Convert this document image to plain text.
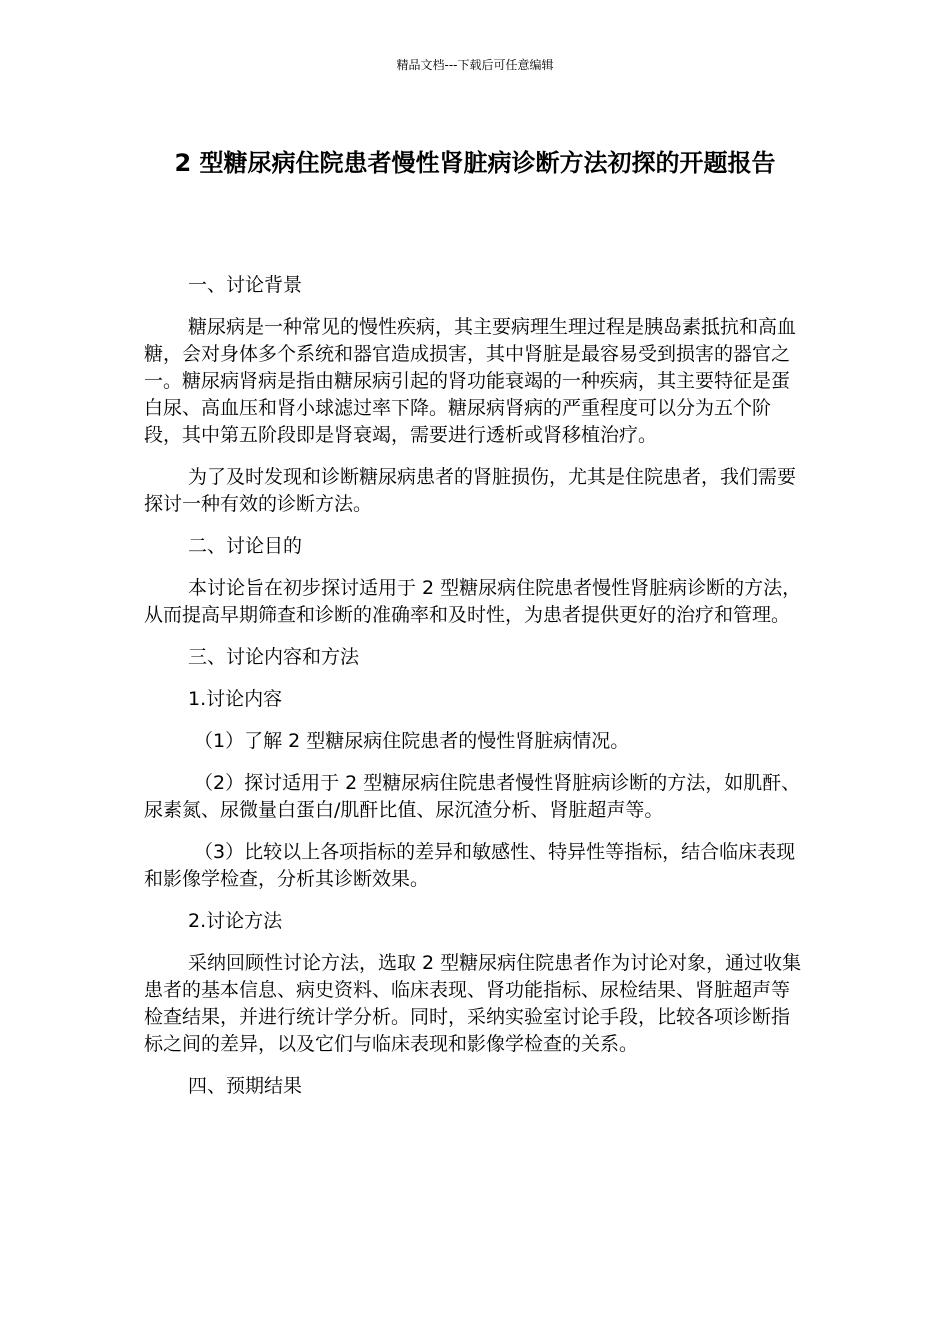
精品文档---下载后可任意编辑
2 型糖尿病住院患者慢性肾脏病诊断方法初探的开题报告

一、讨论背景

糖尿病是一种常见的慢性疾病，其主要病理生理过程是胰岛素抵抗和高血糖，会对身体多个系统和器官造成损害，其中肾脏是最容易受到损害的器官之一。糖尿病肾病是指由糖尿病引起的肾功能衰竭的一种疾病，其主要特征是蛋白尿、高血压和肾小球滤过率下降。糖尿病肾病的严重程度可以分为五个阶段，其中第五阶段即是肾衰竭，需要进行透析或肾移植治疗。

为了及时发现和诊断糖尿病患者的肾脏损伤，尤其是住院患者，我们需要探讨一种有效的诊断方法。

二、讨论目的

本讨论旨在初步探讨适用于 2 型糖尿病住院患者慢性肾脏病诊断的方法，从而提高早期筛查和诊断的准确率和及时性，为患者提供更好的治疗和管理。

三、讨论内容和方法

1.讨论内容

（1）了解 2 型糖尿病住院患者的慢性肾脏病情况。

（2）探讨适用于 2 型糖尿病住院患者慢性肾脏病诊断的方法，如肌酐、尿素氮、尿微量白蛋白/肌酐比值、尿沉渣分析、肾脏超声等。

（3）比较以上各项指标的差异和敏感性、特异性等指标，结合临床表现和影像学检查，分析其诊断效果。

2.讨论方法

采纳回顾性讨论方法，选取 2 型糖尿病住院患者作为讨论对象，通过收集患者的基本信息、病史资料、临床表现、肾功能指标、尿检结果、肾脏超声等检查结果，并进行统计学分析。同时，采纳实验室讨论手段，比较各项诊断指标之间的差异，以及它们与临床表现和影像学检查的关系。

四、预期结果
